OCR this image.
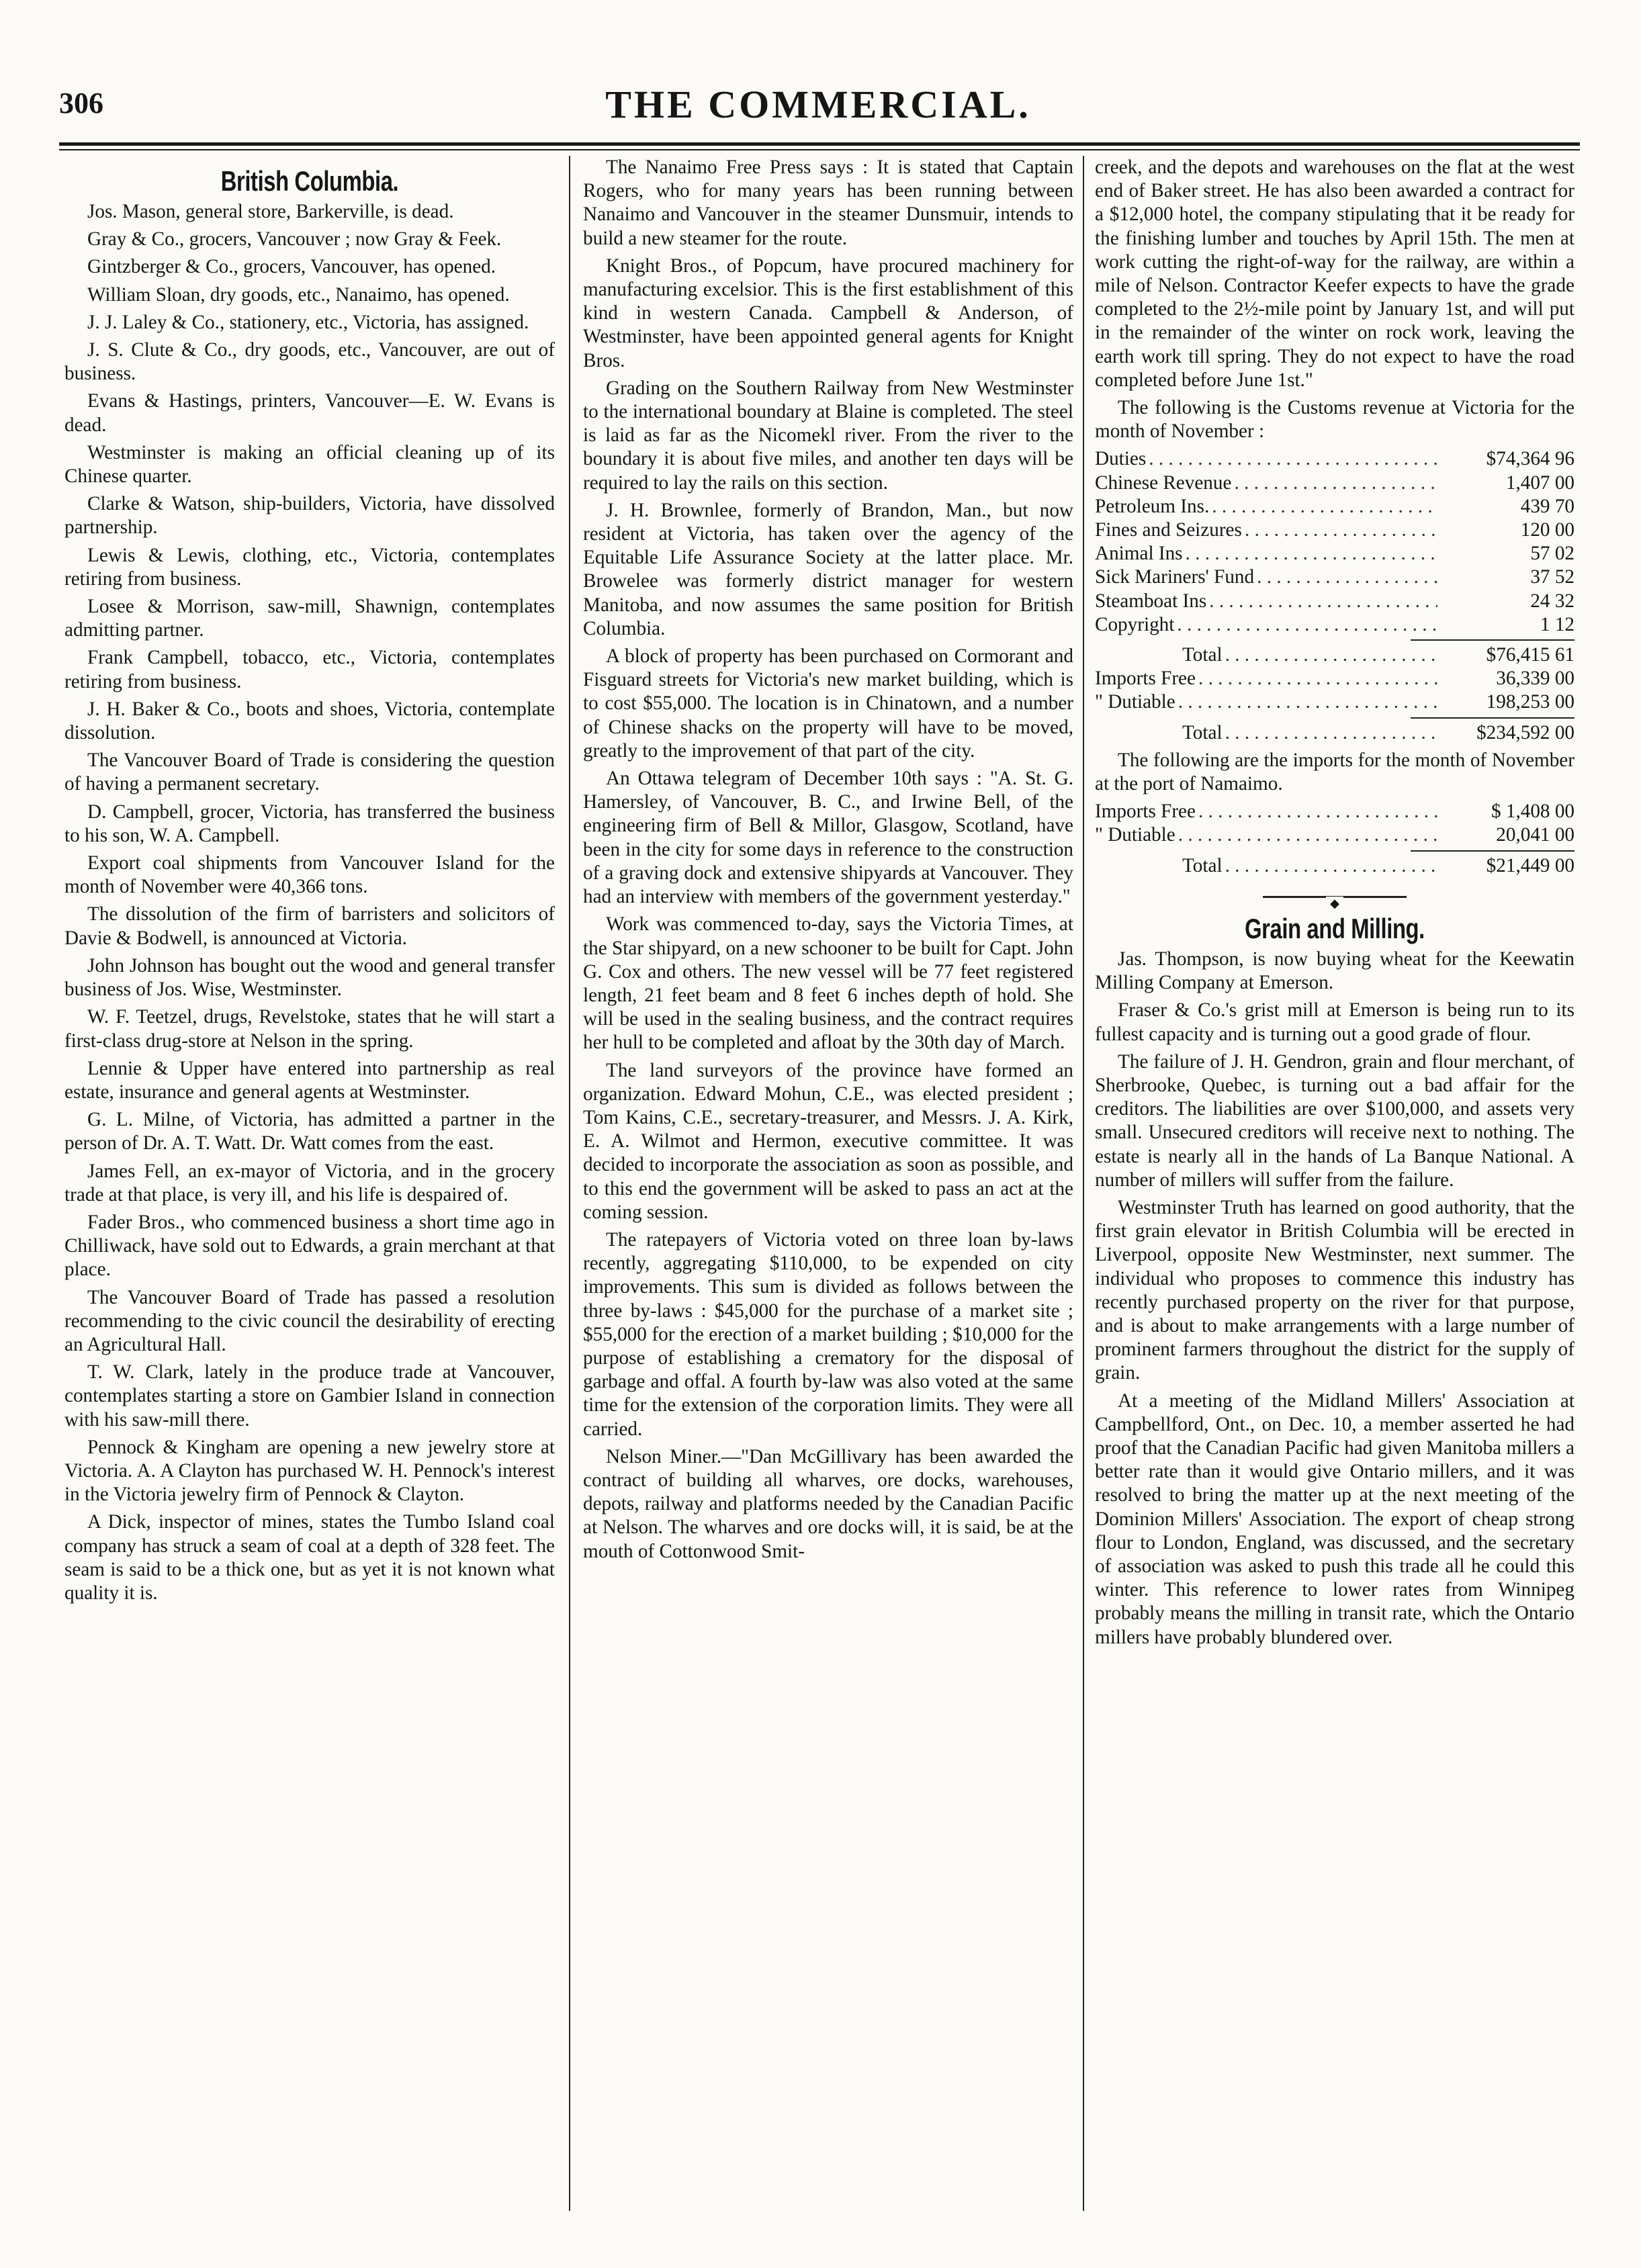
306	THE COMMERCIAL.
British Columbia.

Jos. Mason, general store, Barkerville, is dead.

Gray & Co., grocers, Vancouver ; now Gray & Feek.

Gintzberger & Co., grocers, Vancouver, has opened.

William Sloan, dry goods, etc., Nanaimo, has opened.

J. J. Laley & Co., stationery, etc., Victoria, has assigned.

J. S. Clute & Co., dry goods, etc., Vancouver, are out of business.

Evans & Hastings, printers, Vancouver—E. W. Evans is dead.

Westminster is making an official cleaning up of its Chinese quarter.

Clarke & Watson, ship-builders, Victoria, have dissolved partnership.

Lewis & Lewis, clothing, etc., Victoria, contemplates retiring from business.

Losee & Morrison, saw-mill, Shawnign, contemplates admitting partner.

Frank Campbell, tobacco, etc., Victoria, contemplates retiring from business.

J. H. Baker & Co., boots and shoes, Victoria, contemplate dissolution.

The Vancouver Board of Trade is considering the question of having a permanent secretary.

D. Campbell, grocer, Victoria, has transferred the business to his son, W. A. Campbell.

Export coal shipments from Vancouver Island for the month of November were 40,366 tons.

The dissolution of the firm of barristers and solicitors of Davie & Bodwell, is announced at Victoria.

John Johnson has bought out the wood and general transfer business of Jos. Wise, Westminster.

W. F. Teetzel, drugs, Revelstoke, states that he will start a first-class drug-store at Nelson in the spring.

Lennie & Upper have entered into partnership as real estate, insurance and general agents at Westminster.

G. L. Milne, of Victoria, has admitted a partner in the person of Dr. A. T. Watt. Dr. Watt comes from the east.

James Fell, an ex-mayor of Victoria, and in the grocery trade at that place, is very ill, and his life is despaired of.

Fader Bros., who commenced business a short time ago in Chilliwack, have sold out to Edwards, a grain merchant at that place.

The Vancouver Board of Trade has passed a resolution recommending to the civic council the desirability of erecting an Agricultural Hall.

T. W. Clark, lately in the produce trade at Vancouver, contemplates starting a store on Gambier Island in connection with his saw-mill there.

Pennock & Kingham are opening a new jewelry store at Victoria. A. A Clayton has purchased W. H. Pennock's interest in the Victoria jewelry firm of Pennock & Clayton.

A Dick, inspector of mines, states the Tumbo Island coal company has struck a seam of coal at a depth of 328 feet. The seam is said to be a thick one, but as yet it is not known what quality it is.

The Nanaimo Free Press says : It is stated that Captain Rogers, who for many years has been running between Nanaimo and Vancouver in the steamer Dunsmuir, intends to build a new steamer for the route.

Knight Bros., of Popcum, have procured machinery for manufacturing excelsior. This is the first establishment of this kind in western Canada. Campbell & Anderson, of Westminster, have been appointed general agents for Knight Bros.

Grading on the Southern Railway from New Westminster to the international boundary at Blaine is completed. The steel is laid as far as the Nicomekl river. From the river to the boundary it is about five miles, and another ten days will be required to lay the rails on this section.

J. H. Brownlee, formerly of Brandon, Man., but now resident at Victoria, has taken over the agency of the Equitable Life Assurance Society at the latter place. Mr. Browelee was formerly district manager for western Manitoba, and now assumes the same position for British Columbia.

A block of property has been purchased on Cormorant and Fisguard streets for Victoria's new market building, which is to cost $55,000. The location is in Chinatown, and a number of Chinese shacks on the property will have to be moved, greatly to the improvement of that part of the city.

An Ottawa telegram of December 10th says : "A. St. G. Hamersley, of Vancouver, B. C., and Irwine Bell, of the engineering firm of Bell & Millor, Glasgow, Scotland, have been in the city for some days in reference to the construction of a graving dock and extensive shipyards at Vancouver. They had an interview with members of the government yesterday."

Work was commenced to-day, says the Victoria Times, at the Star shipyard, on a new schooner to be built for Capt. John G. Cox and others. The new vessel will be 77 feet registered length, 21 feet beam and 8 feet 6 inches depth of hold. She will be used in the sealing business, and the contract requires her hull to be completed and afloat by the 30th day of March.

The land surveyors of the province have formed an organization. Edward Mohun, C.E., was elected president ; Tom Kains, C.E., secretary-treasurer, and Messrs. J. A. Kirk, E. A. Wilmot and Hermon, executive committee. It was decided to incorporate the association as soon as possible, and to this end the government will be asked to pass an act at the coming session.

The ratepayers of Victoria voted on three loan by-laws recently, aggregating $110,000, to be expended on city improvements. This sum is divided as follows between the three by-laws : $45,000 for the purchase of a market site ; $55,000 for the erection of a market building ; $10,000 for the purpose of establishing a crematory for the disposal of garbage and offal. A fourth by-law was also voted at the same time for the extension of the corporation limits. They were all carried.

Nelson Miner.—"Dan McGillivary has been awarded the contract of building all wharves, ore docks, warehouses, depots, railway and platforms needed by the Canadian Pacific at Nelson. The wharves and ore docks will, it is said, be at the mouth of Cottonwood Smit-

creek, and the depots and warehouses on the flat at the west end of Baker street. He has also been awarded a contract for a $12,000 hotel, the company stipulating that it be ready for the finishing lumber and touches by April 15th. The men at work cutting the right-of-way for the railway, are within a mile of Nelson. Contractor Keefer expects to have the grade completed to the 2½-mile point by January 1st, and will put in the remainder of the winter on rock work, leaving the earth work till spring. They do not expect to have the road completed before June 1st."

The following is the Customs revenue at Victoria for the month of November :

Duties . . .	$74,364 96
Chinese Revenue . . .	1,407 00
Petroleum Ins. . . .	439 70
Fines and Seizures . . .	120 00
Animal Ins . . .	57 02
Sick Mariners' Fund . . .	37 52
Steamboat Ins . . .	24 32
Copyright . . .	1 12
Total . . .	$76,415 61
Imports Free . . .	36,339 00
" Dutiable . . .	198,253 00
Total . . .	$234,592 00

The following are the imports for the month of November at the port of Namaimo.

Imports Free . . .	$ 1,408 00
" Dutiable . . .	20,041 00
Total . . .	$21,449 00
◆
Grain and Milling.

Jas. Thompson, is now buying wheat for the Keewatin Milling Company at Emerson.

Fraser & Co.'s grist mill at Emerson is being run to its fullest capacity and is turning out a good grade of flour.

The failure of J. H. Gendron, grain and flour merchant, of Sherbrooke, Quebec, is turning out a bad affair for the creditors. The liabilities are over $100,000, and assets very small. Unsecured creditors will receive next to nothing. The estate is nearly all in the hands of La Banque National. A number of millers will suffer from the failure.

Westminster Truth has learned on good authority, that the first grain elevator in British Columbia will be erected in Liverpool, opposite New Westminster, next summer. The individual who proposes to commence this industry has recently purchased property on the river for that purpose, and is about to make arrangements with a large number of prominent farmers throughout the district for the supply of grain.

At a meeting of the Midland Millers' Association at Campbellford, Ont., on Dec. 10, a member asserted he had proof that the Canadian Pacific had given Manitoba millers a better rate than it would give Ontario millers, and it was resolved to bring the matter up at the next meeting of the Dominion Millers' Association. The export of cheap strong flour to London, England, was discussed, and the secretary of association was asked to push this trade all he could this winter. This reference to lower rates from Winnipeg probably means the milling in transit rate, which the Ontario millers have probably blundered over.
